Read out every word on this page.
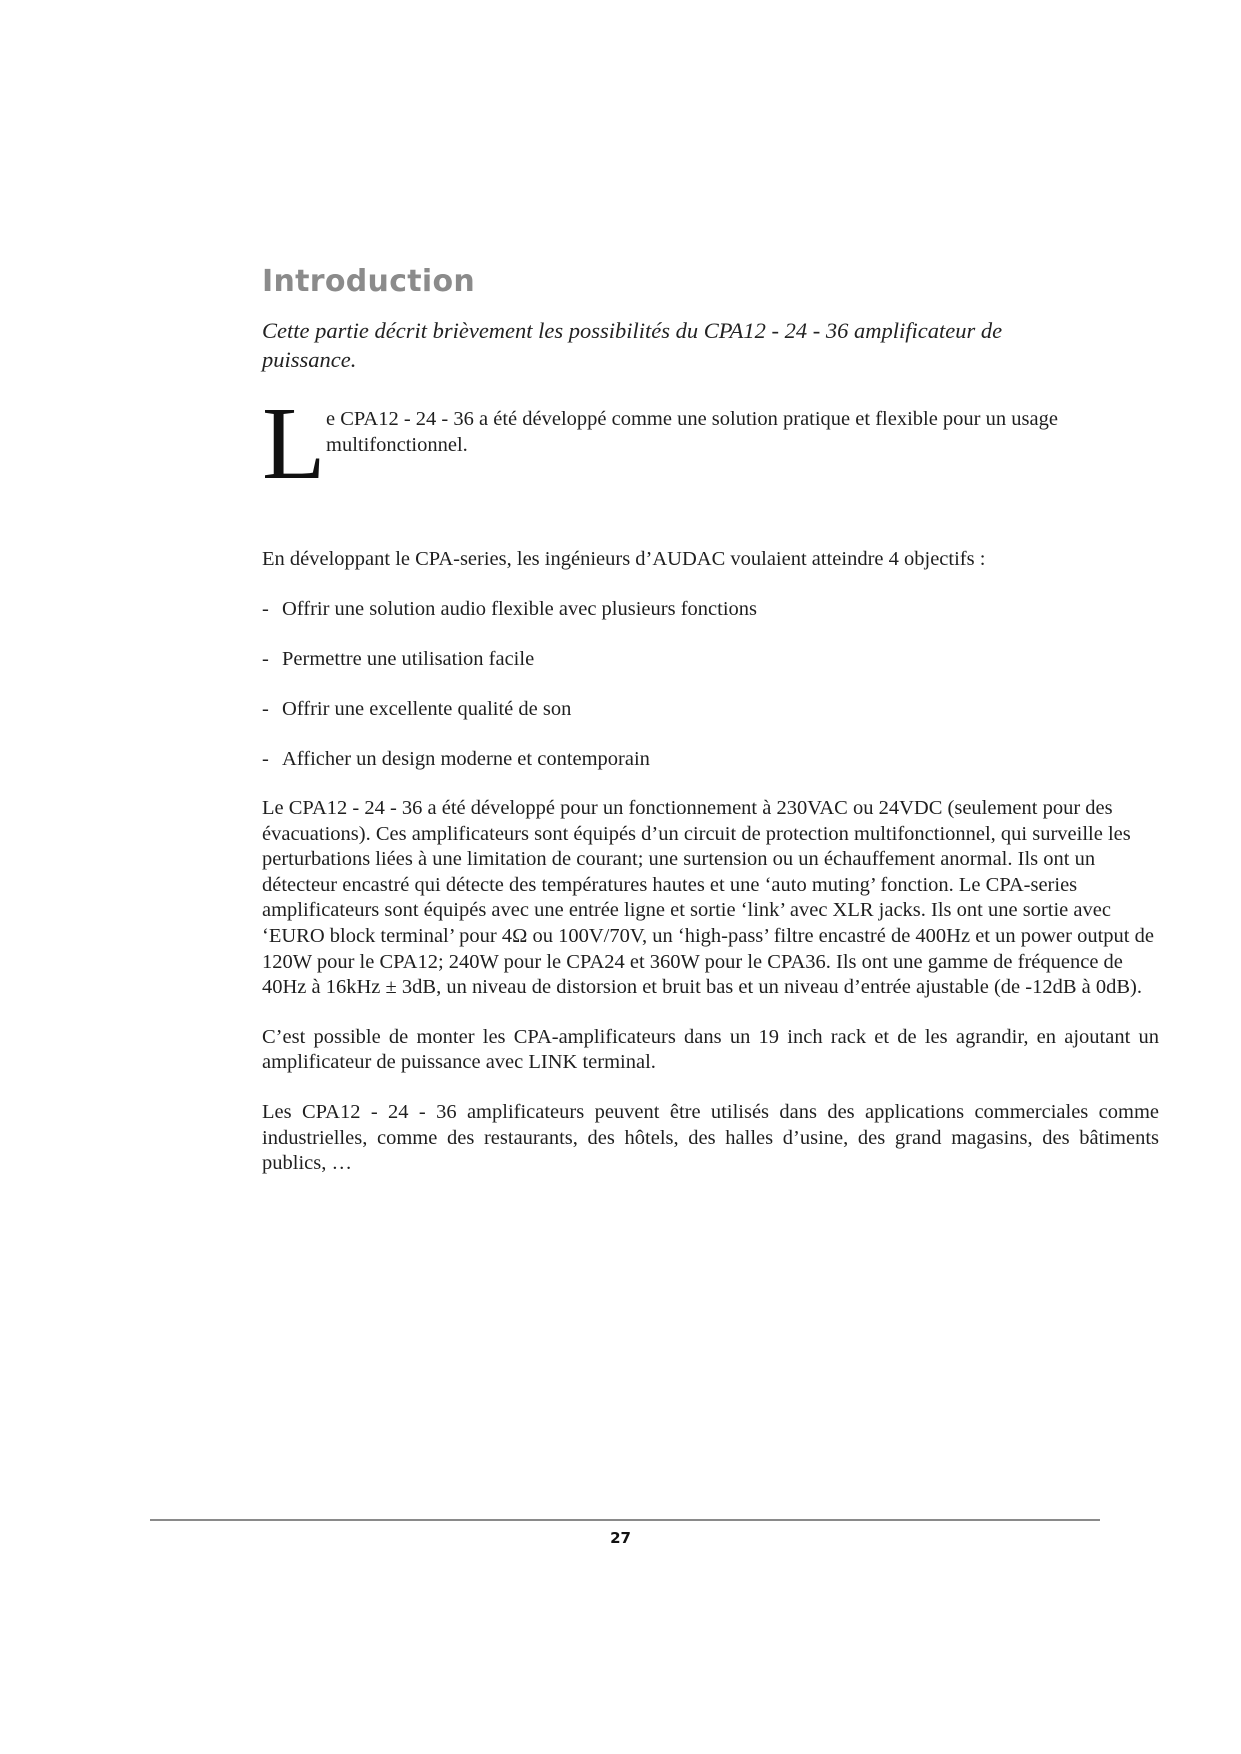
Introduction

Cette partie décrit brièvement les possibilités du CPA12 - 24 - 36 amplificateur de puissance.

L e CPA12 - 24 - 36 a été développé comme une solution pratique et flexible pour un usage multifonctionnel.

En développant le CPA-series, les ingénieurs d’AUDAC voulaient atteindre 4 objectifs :

- Offrir une solution audio flexible avec plusieurs fonctions
- Permettre une utilisation facile
- Offrir une excellente qualité de son
- Afficher un design moderne et contemporain

Le CPA12 - 24 - 36 a été développé pour un fonctionnement à 230VAC ou 24VDC (seulement pour des évacuations). Ces amplificateurs sont équipés d’un circuit de protection multifonctionnel, qui surveille les perturbations liées à une limitation de courant; une surtension ou un échauffement anormal. Ils ont un détecteur encastré qui détecte des températures hautes et une ‘auto muting’ fonction. Le CPA-series amplificateurs sont équipés avec une entrée ligne et sortie ‘link’ avec XLR jacks. Ils ont une sortie avec ‘EURO block terminal’ pour 4Ω ou 100V/70V, un ‘high-pass’ filtre encastré de 400Hz et un power output de 120W pour le CPA12; 240W pour le CPA24 et 360W pour le CPA36. Ils ont une gamme de fréquence de 40Hz à 16kHz ± 3dB, un niveau de distorsion et bruit bas et un niveau d’entrée ajustable (de -12dB à 0dB).

C’est possible de monter les CPA-amplificateurs dans un 19 inch rack et de les agrandir, en ajoutant un amplificateur de puissance avec LINK terminal.

Les CPA12 - 24 - 36 amplificateurs peuvent être utilisés dans des applications commerciales comme industrielles, comme des restaurants, des hôtels, des halles d’usine, des grand magasins, des bâtiments publics, …

27
